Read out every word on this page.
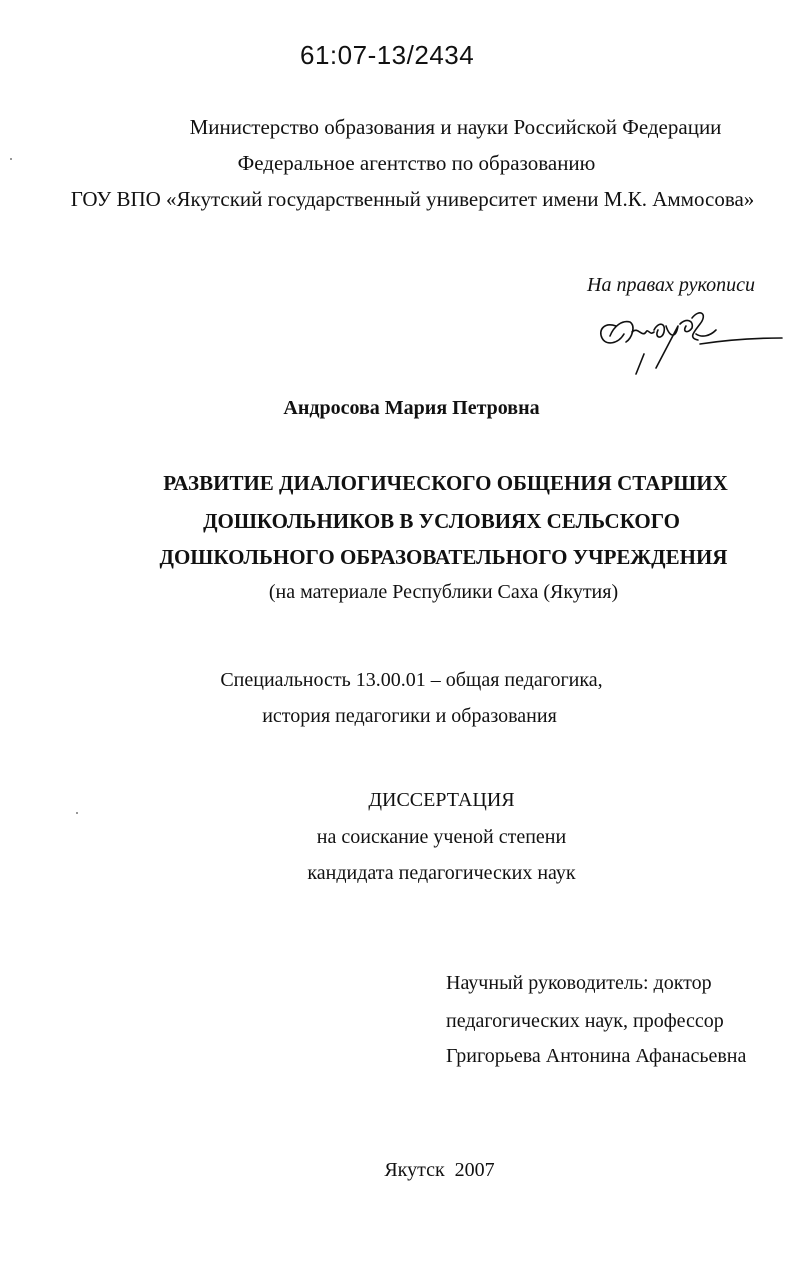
61:07-13/2434
Министерство образования и науки Российской Федерации
Федеральное агентство по образованию
ГОУ ВПО «Якутский государственный университет имени М.К. Аммосова»
На правах рукописи
Андросова Мария Петровна
РАЗВИТИЕ ДИАЛОГИЧЕСКОГО ОБЩЕНИЯ СТАРШИХ
ДОШКОЛЬНИКОВ В УСЛОВИЯХ СЕЛЬСКОГО
ДОШКОЛЬНОГО ОБРАЗОВАТЕЛЬНОГО УЧРЕЖДЕНИЯ
(на материале Республики Саха (Якутия)
Специальность 13.00.01 – общая педагогика,
история педагогики и образования
ДИССЕРТАЦИЯ
на соискание ученой степени
кандидата педагогических наук
Научный руководитель: доктор
педагогических наук, профессор
Григорьева Антонина Афанасьевна
Якутск  2007
